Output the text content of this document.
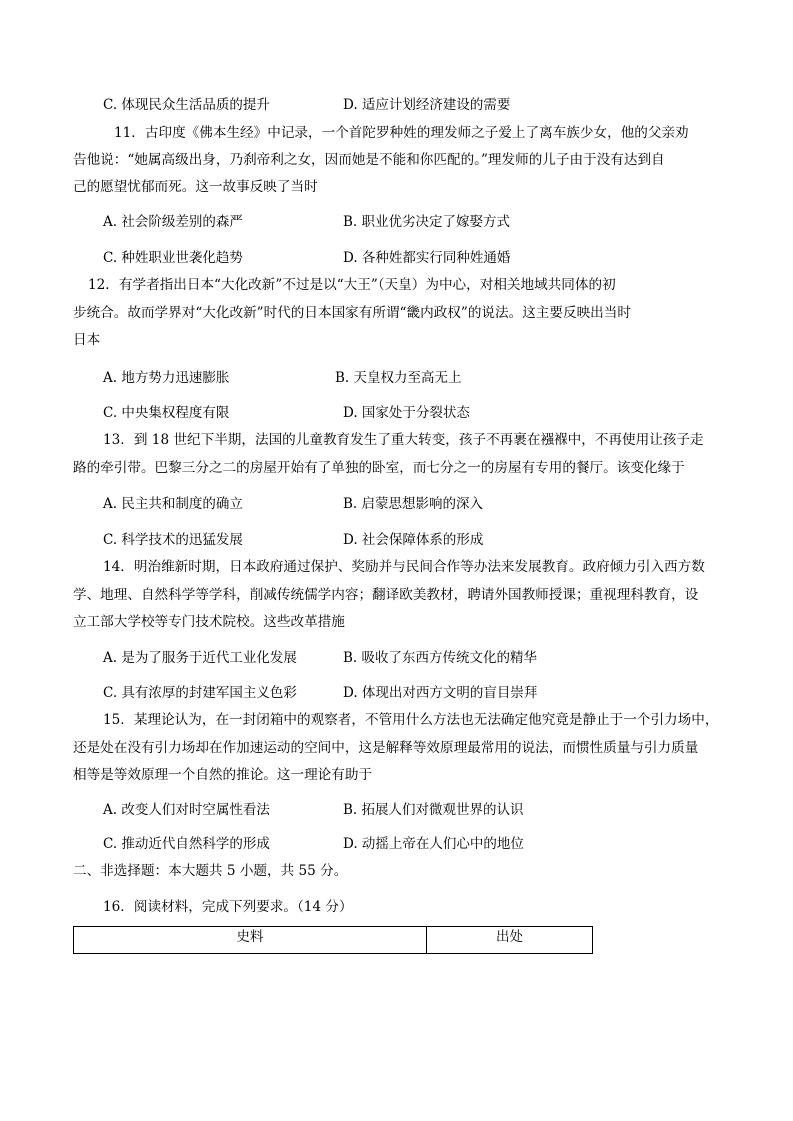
C. 体现民众生活品质的提升	D. 适应计划经济建设的需要
11．古印度《佛本生经》中记录，一个首陀罗种姓的理发师之子爱上了离车族少女，他的父亲劝
告他说：“她属高级出身，乃刹帝利之女，因而她是不能和你匹配的。”理发师的儿子由于没有达到自
己的愿望忧郁而死。这一故事反映了当时
A. 社会阶级差别的森严	B. 职业优劣决定了嫁娶方式
C. 种姓职业世袭化趋势	D. 各种姓都实行同种姓通婚
12．有学者指出日本“大化改新”不过是以“大王”（天皇）为中心，对相关地域共同体的初
步统合。故而学界对“大化改新”时代的日本国家有所谓“畿内政权”的说法。这主要反映出当时
日本
A. 地方势力迅速膨胀	B. 天皇权力至高无上
C. 中央集权程度有限	D. 国家处于分裂状态
13．到 18 世纪下半期，法国的儿童教育发生了重大转变，孩子不再裹在襁褓中，不再使用让孩子走
路的牵引带。巴黎三分之二的房屋开始有了单独的卧室，而七分之一的房屋有专用的餐厅。该变化缘于
A. 民主共和制度的确立	B. 启蒙思想影响的深入
C. 科学技术的迅猛发展	D. 社会保障体系的形成
14．明治维新时期，日本政府通过保护、奖励并与民间合作等办法来发展教育。政府倾力引入西方数
学、地理、自然科学等学科，削减传统儒学内容；翻译欧美教材，聘请外国教师授课；重视理科教育，设
立工部大学校等专门技术院校。这些改革措施
A. 是为了服务于近代工业化发展	B. 吸收了东西方传统文化的精华
C. 具有浓厚的封建军国主义色彩	D. 体现出对西方文明的盲目崇拜
15．某理论认为，在一封闭箱中的观察者，不管用什么方法也无法确定他究竟是静止于一个引力场中，
还是处在没有引力场却在作加速运动的空间中，这是解释等效原理最常用的说法，而惯性质量与引力质量
相等是等效原理一个自然的推论。这一理论有助于
A. 改变人们对时空属性看法	B. 拓展人们对微观世界的认识
C. 推动近代自然科学的形成	D. 动摇上帝在人们心中的地位
二、非选择题：本大题共 5 小题，共 55 分。
16．阅读材料，完成下列要求。（14 分）
史料	出处
